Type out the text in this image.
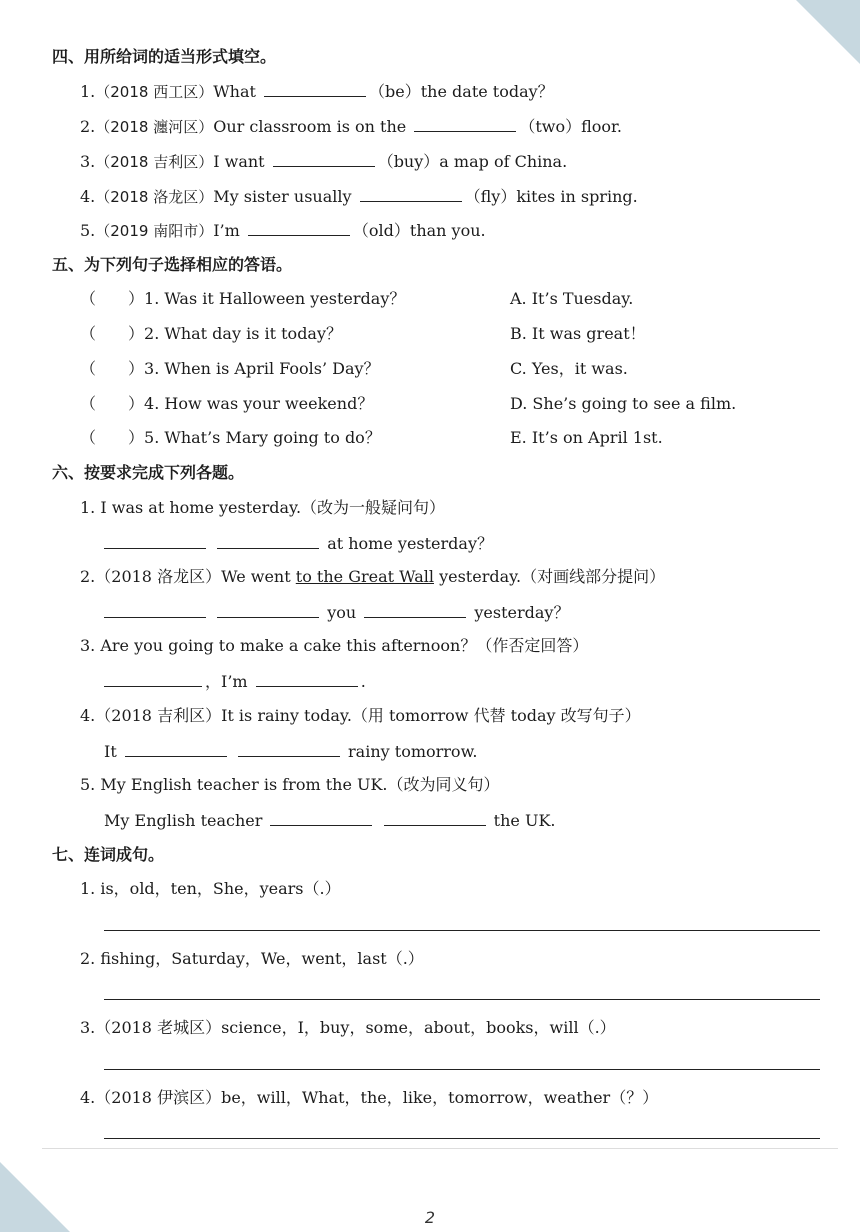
四、用所给词的适当形式填空。
1.（2018 西工区）What	（be）the date today？
2.（2018 瀍河区）Our classroom is on the	（two）floor.
3.（2018 吉利区）I want	（buy）a map of China.
4.（2018 洛龙区）My sister usually	（fly）kites in spring.
5.（2019 南阳市）I’m	（old）than you.
五、为下列句子选择相应的答语。
（　　）1. Was it Halloween yesterday？	A. It’s Tuesday.
（　　）2. What day is it today？	B. It was great！
（　　）3. When is April Fools’ Day？	C. Yes，it was.
（　　）4. How was your weekend？	D. She’s going to see a film.
（　　）5. What’s Mary going to do？	E. It’s on April 1st.
六、按要求完成下列各题。
1. I was at home yesterday.（改为一般疑问句）
at home yesterday？
2.（2018 洛龙区）We went to the Great Wall yesterday.（对画线部分提问）
you	yesterday？
3. Are you going to make a cake this afternoon？（作否定回答）
，I’m	.
4.（2018 吉利区）It is rainy today.（用 tomorrow 代替 today 改写句子）
It	rainy tomorrow.
5. My English teacher is from the UK.（改为同义句）
My English teacher	the UK.
七、连词成句。
1. is，old，ten，She，years（.）
2. fishing，Saturday，We，went，last（.）
3.（2018 老城区）science，I，buy，some，about，books，will（.）
4.（2018 伊滨区）be，will，What，the，like，tomorrow，weather（？）
2
